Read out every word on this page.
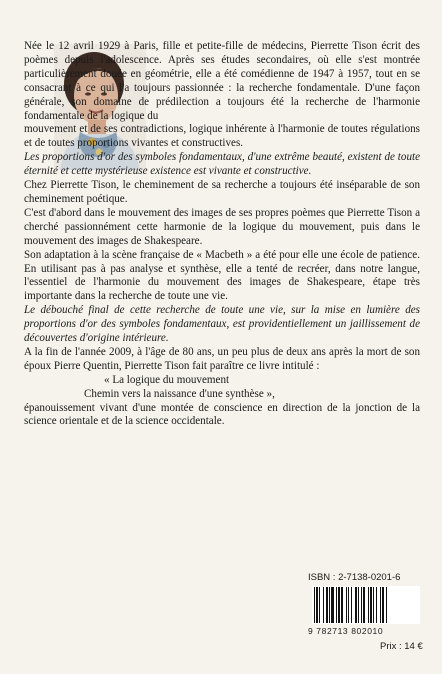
Née le 12 avril 1929 à Paris, fille et petite-fille de médecins, Pierrette Tison écrit des poèmes depuis l'adolescence. Après ses études secondaires, où elle s'est montrée particulièrement douée en géométrie, elle a été comédienne de 1947 à 1957, tout en se consacrant à ce qui l'a toujours passionnée : la recherche fondamentale. D'une façon générale, son domaine de prédilection a toujours été la recherche de l'harmonie fondamentale de la logique du

mouvement et de ses contradictions, logique inhérente à l'harmonie de toutes régulations et de toutes proportions vivantes et constructives.

Les proportions d'or des symboles fondamentaux, d'une extrême beauté, existent de toute éternité et cette mystérieuse existence est vivante et constructive.

Chez Pierrette Tison, le cheminement de sa recherche a toujours été inséparable de son cheminement poétique.

C'est d'abord dans le mouvement des images de ses propres poèmes que Pierrette Tison a cherché passionnément cette harmonie de la logique du mouvement, puis dans le mouvement des images de Shakespeare.

Son adaptation à la scène française de « Macbeth » a été pour elle une école de patience. En utilisant pas à pas analyse et synthèse, elle a tenté de recréer, dans notre langue, l'essentiel de l'harmonie du mouvement des images de Shakespeare, étape très importante dans la recherche de toute une vie.

Le débouché final de cette recherche de toute une vie, sur la mise en lumière des proportions d'or des symboles fondamentaux, est providentiellement un jaillissement de découvertes d'origine intérieure.

A la fin de l'année 2009, à l'âge de 80 ans, un peu plus de deux ans après la mort de son époux Pierre Quentin, Pierrette Tison fait paraître ce livre intitulé :

« La logique du mouvement

Chemin vers la naissance d'une synthèse »,

épanouissement vivant d'une montée de conscience en direction de la jonction de la science orientale et de la science occidentale.

ISBN : 2-7138-0201-6
9 782713 802010
Prix : 14 €
